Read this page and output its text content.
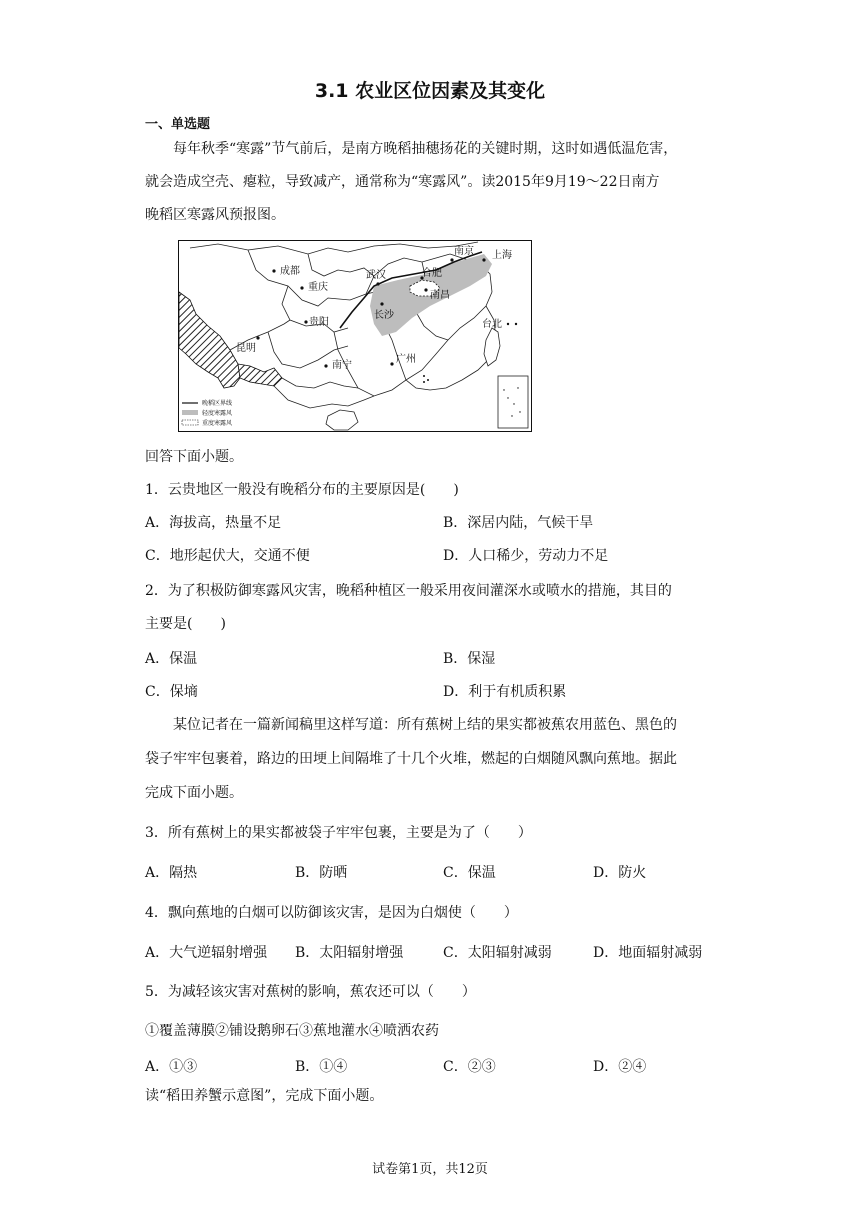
3.1 农业区位因素及其变化
一、单选题
每年秋季“寒露”节气前后，是南方晚稻抽穗扬花的关键时期，这时如遇低温危害，
就会造成空壳、瘪粒，导致减产，通常称为“寒露风”。读2015年9月19～22日南方
晚稻区寒露风预报图。
成都
重庆
贵阳
昆明
武汉
长沙
南昌
合肥
南京 上海
台北
广州
南宁
晚稻区界线
轻度寒露风
重度寒露风
回答下面小题。
1．云贵地区一般没有晚稻分布的主要原因是(　　)
A．海拔高，热量不足	B．深居内陆，气候干旱
C．地形起伏大，交通不便	D．人口稀少，劳动力不足
2．为了积极防御寒露风灾害，晚稻种植区一般采用夜间灌深水或喷水的措施，其目的
主要是(　　)
A．保温	B．保湿
C．保墒	D．利于有机质积累
某位记者在一篇新闻稿里这样写道：所有蕉树上结的果实都被蕉农用蓝色、黑色的
袋子牢牢包裹着，路边的田埂上间隔堆了十几个火堆，燃起的白烟随风飘向蕉地。据此
完成下面小题。
3．所有蕉树上的果实都被袋子牢牢包裹，主要是为了（　　）
A．隔热	B．防晒	C．保温	D．防火
4．飘向蕉地的白烟可以防御该灾害，是因为白烟使（　　）
A．大气逆辐射增强 B．太阳辐射增强	C．太阳辐射减弱	D．地面辐射减弱
5．为减轻该灾害对蕉树的影响，蕉农还可以（　　）
①覆盖薄膜②铺设鹅卵石③蕉地灌水④喷洒农药
A．①③	B．①④	C．②③	D．②④
读“稻田养蟹示意图”，完成下面小题。
试卷第1页，共12页
